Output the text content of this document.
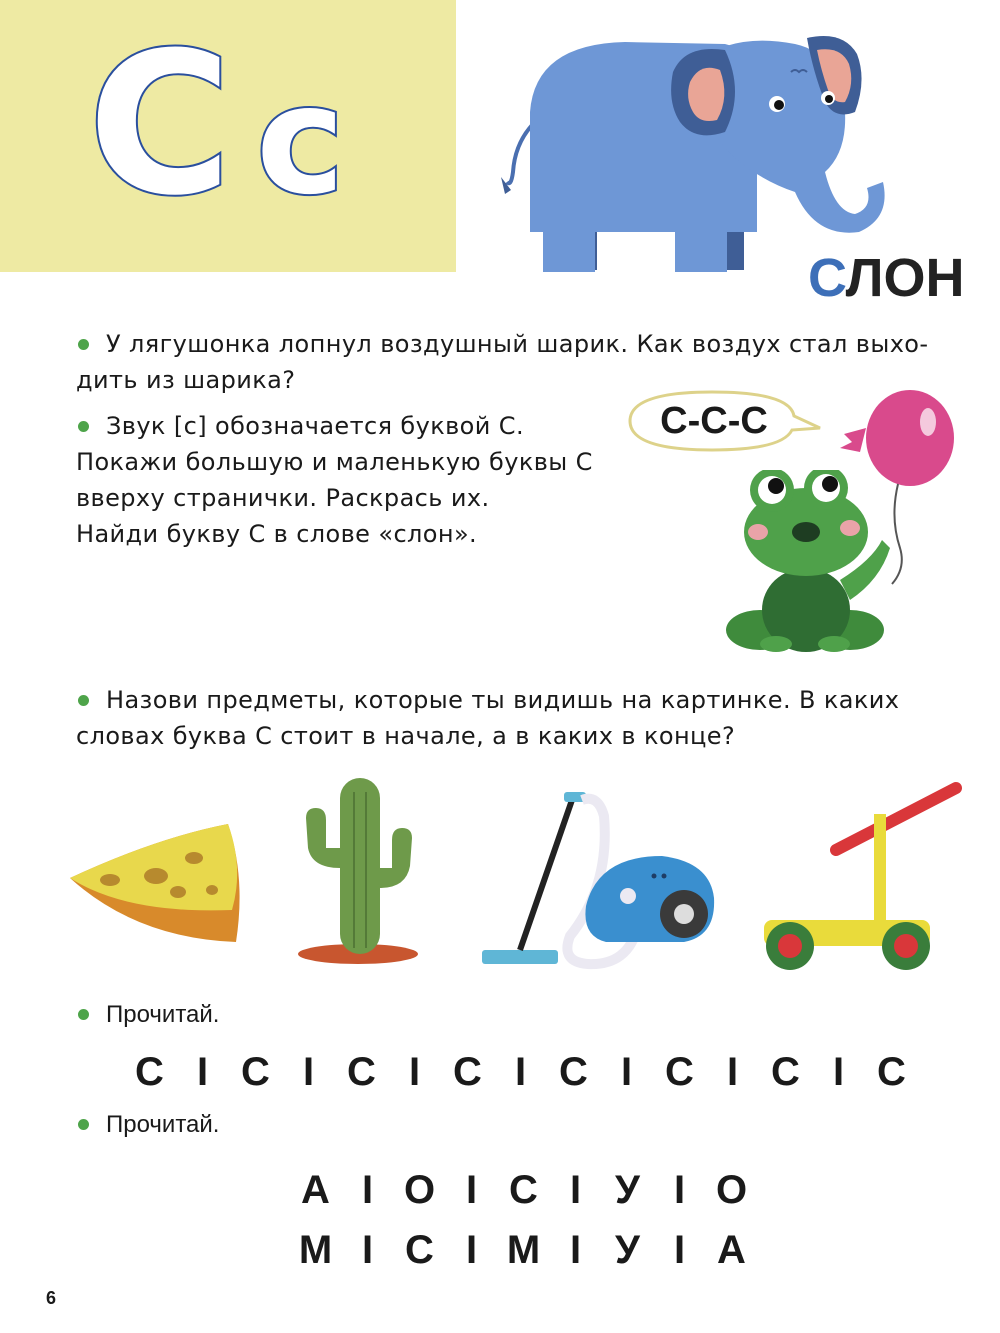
C c
СЛОН
У лягушонка лопнул воздушный шарик. Как воздух стал выхо-
дить из шарика?
Звук [с] обозначается буквой С.
Покажи большую и маленькую буквы С
вверху странички. Раскрась их.
Найди букву С в слове «слон».
С-С-С
Назови предметы, которые ты видишь на картинке. В каких
словах буква С стоит в начале, а в каких в конце?
Прочитай.
С I С I С I С I С I С I С I С
Прочитай.
А I О I С I У I О
М I С I М I У I А
6
